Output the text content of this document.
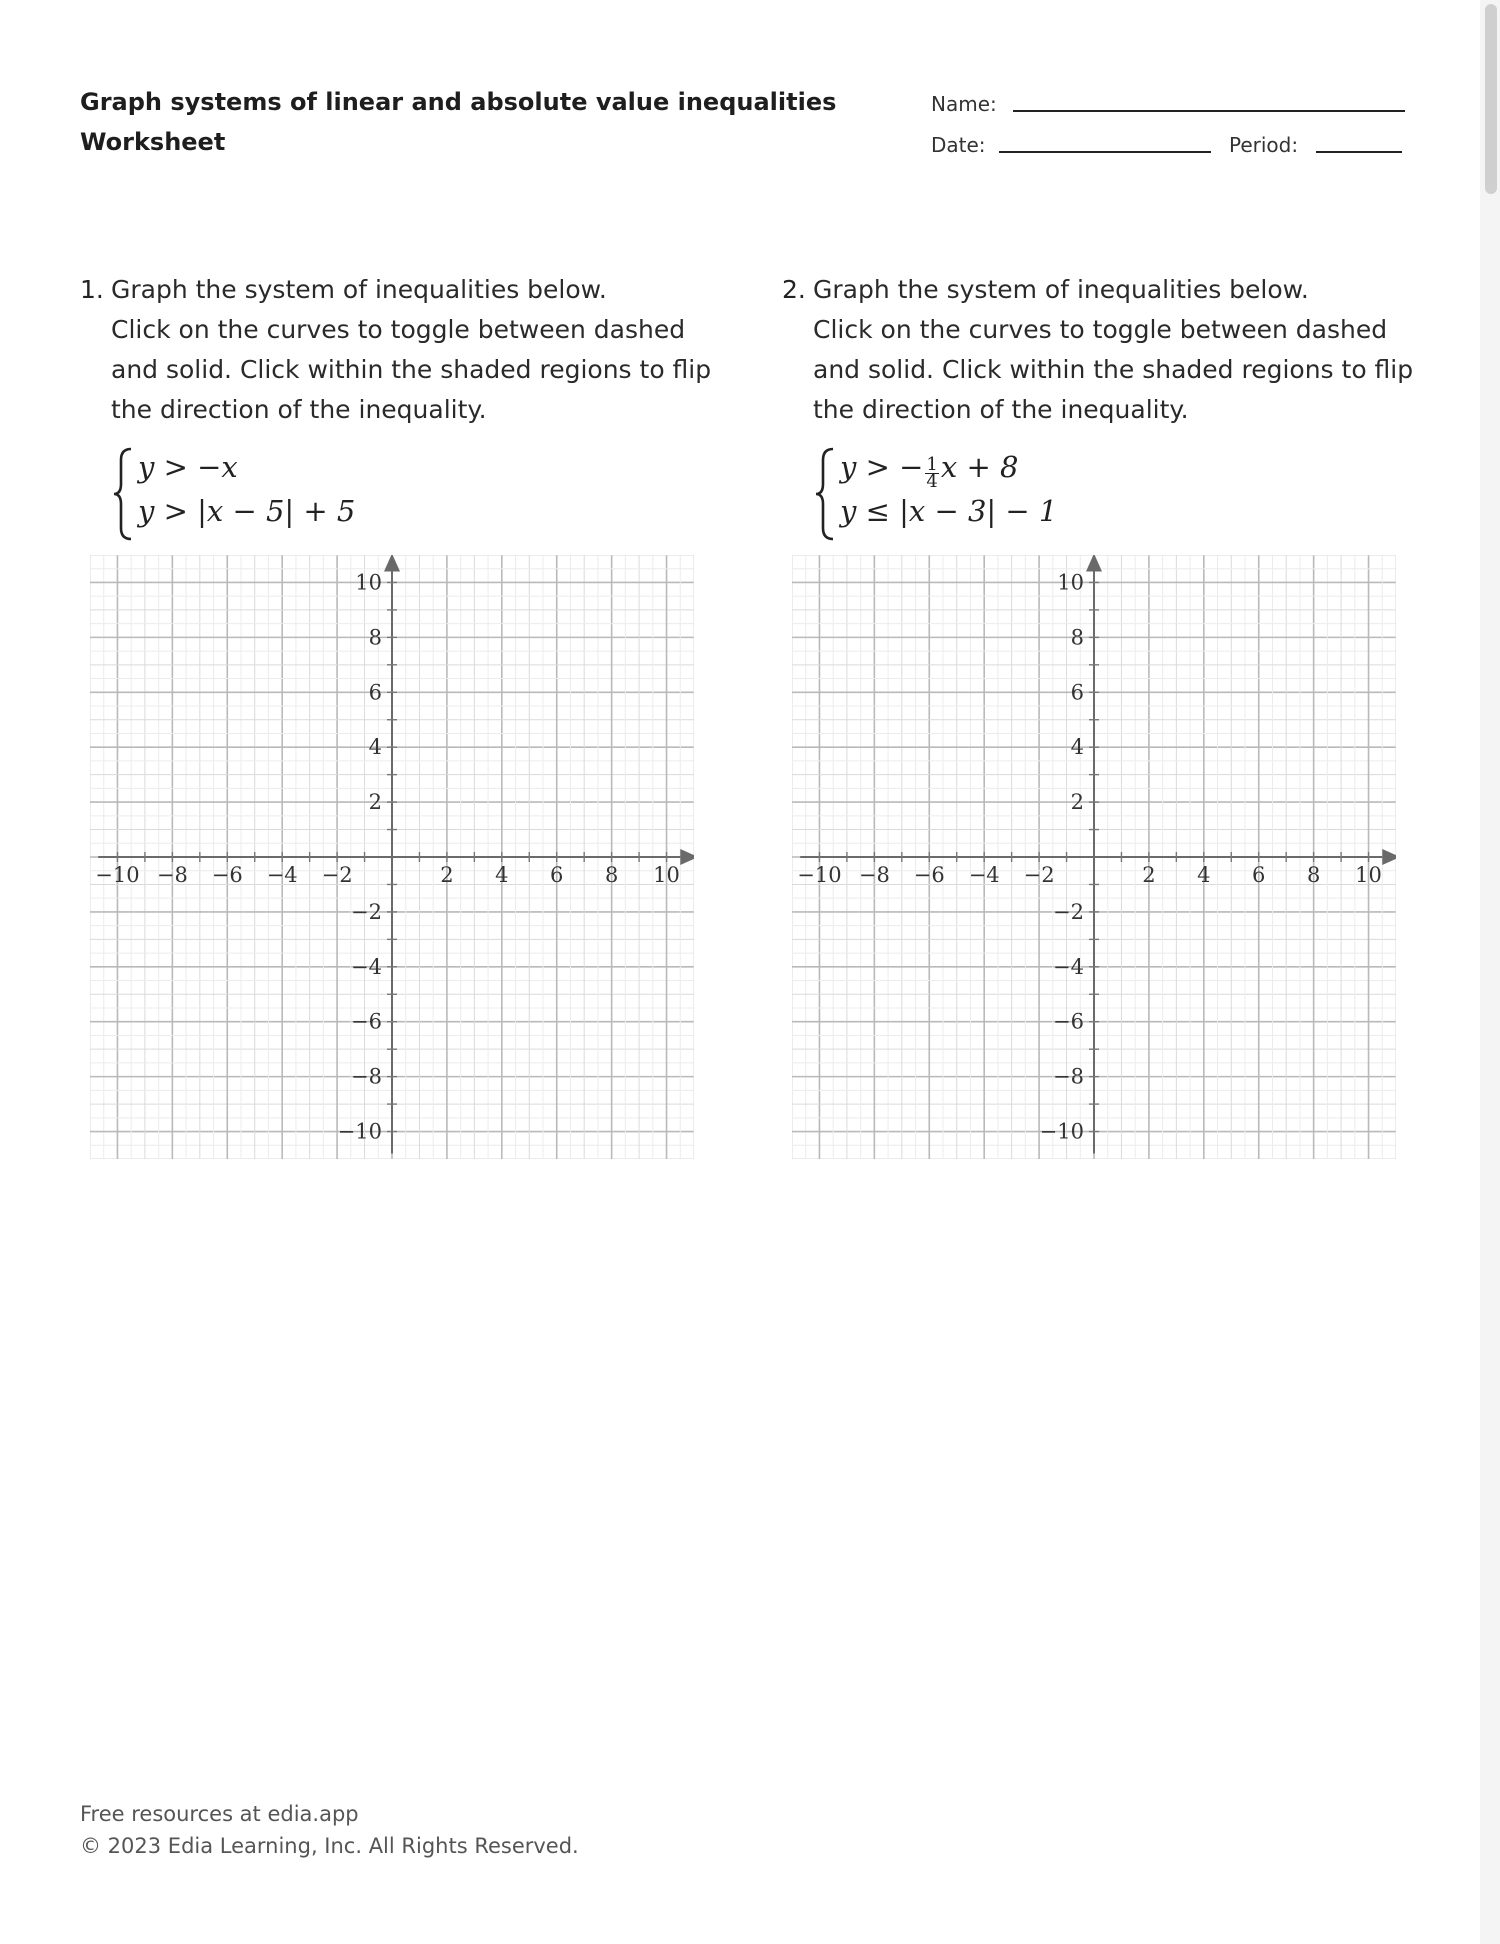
Graph systems of linear and absolute value inequalities
Worksheet
Name:
Date:	Period:
1. Graph the system of inequalities below.
Click on the curves to toggle between dashed
and solid. Click within the shaded regions to flip
the direction of the inequality.
y > −x
y > |x − 5| + 5
2. Graph the system of inequalities below.
Click on the curves to toggle between dashed
and solid. Click within the shaded regions to flip
the direction of the inequality.
y > − $\frac{1}{4}$ x + 8
y ≤ |x − 3| − 1
−10 −8 −6 −4 −2	2 4 6 8 10
10
8
6
4
2
−2
−4
−6
−8
−10
−10 −8 −6 −4 −2	2 4 6 8 10
10
8
6
4
2
−2
−4
−6
−8
−10
Free resources at edia.app
© 2023 Edia Learning, Inc. All Rights Reserved.
